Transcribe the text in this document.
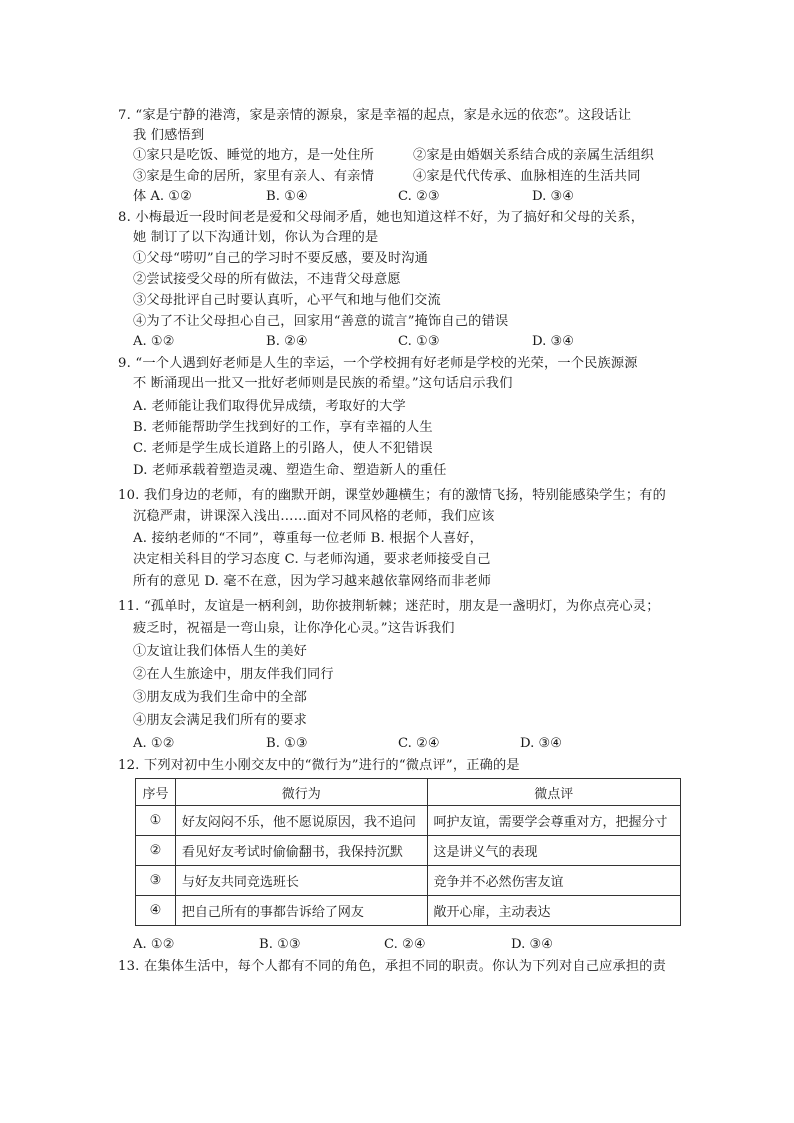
7. “家是宁静的港湾，家是亲情的源泉，家是幸福的起点，家是永远的依恋”。这段话让
我 们感悟到
①家只是吃饭、睡觉的地方，是一处住所	②家是由婚姻关系结合成的亲属生活组织
③家是生命的居所，家里有亲人、有亲情	④家是代代传承、血脉相连的生活共同
体 A. ①②	B. ①④	C. ②③	D. ③④
8. 小梅最近一段时间老是爱和父母闹矛盾，她也知道这样不好，为了搞好和父母的关系，
她 制订了以下沟通计划，你认为合理的是
①父母“唠叨”自己的学习时不要反感，要及时沟通
②尝试接受父母的所有做法，不违背父母意愿
③父母批评自己时要认真听，心平气和地与他们交流
④为了不让父母担心自己，回家用“善意的谎言”掩饰自己的错误
A. ①②	B. ②④	C. ①③	D. ③④
9. “一个人遇到好老师是人生的幸运，一个学校拥有好老师是学校的光荣，一个民族源源
不 断涌现出一批又一批好老师则是民族的希望。”这句话启示我们
A. 老师能让我们取得优异成绩，考取好的大学
B. 老师能帮助学生找到好的工作，享有幸福的人生
C. 老师是学生成长道路上的引路人，使人不犯错误
D. 老师承载着塑造灵魂、塑造生命、塑造新人的重任
10. 我们身边的老师，有的幽默开朗，课堂妙趣横生；有的激情飞扬，特别能感染学生；有的
沉稳严肃，讲课深入浅出……面对不同风格的老师，我们应该
A. 接纳老师的“不同”，尊重每一位老师 B. 根据个人喜好，
决定相关科目的学习态度 C. 与老师沟通，要求老师接受自己
所有的意见 D. 毫不在意，因为学习越来越依靠网络而非老师
11. “孤单时，友谊是一柄利剑，助你披荆斩棘；迷茫时，朋友是一盏明灯，为你点亮心灵；
疲乏时，祝福是一弯山泉，让你净化心灵。”这告诉我们
①友谊让我们体悟人生的美好
②在人生旅途中，朋友伴我们同行
③朋友成为我们生命中的全部
④朋友会满足我们所有的要求
A. ①②	B. ①③	C. ②④	D. ③④
12. 下列对初中生小刚交友中的“微行为”进行的“微点评”，正确的是
序号	微行为	微点评
①	好友闷闷不乐，他不愿说原因，我不追问	呵护友谊，需要学会尊重对方，把握分寸
②	看见好友考试时偷偷翻书，我保持沉默	这是讲义气的表现
③	与好友共同竞选班长	竞争并不必然伤害友谊
④	把自己所有的事都告诉给了网友	敞开心扉，主动表达
A. ①②	B. ①③	C. ②④	D. ③④
13. 在集体生活中，每个人都有不同的角色，承担不同的职责。你认为下列对自己应承担的责
